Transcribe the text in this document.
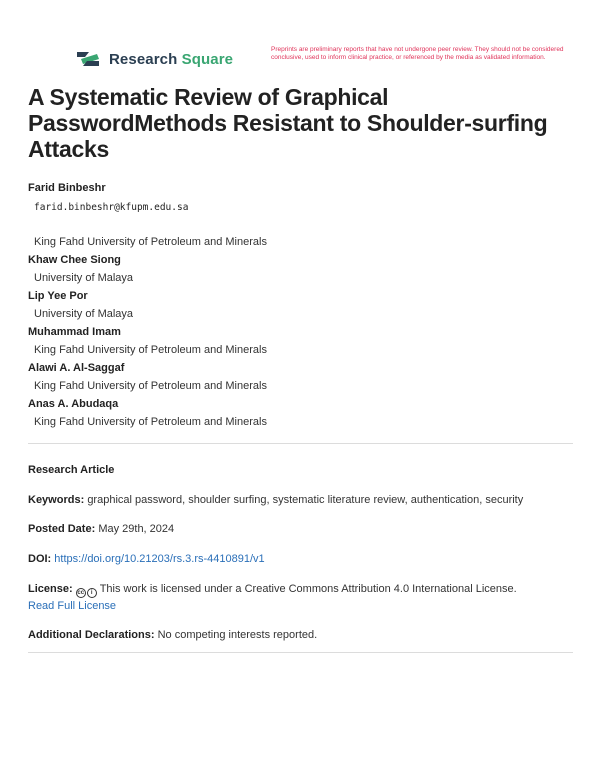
Research Square
Preprints are preliminary reports that have not undergone peer review. They should not be considered conclusive, used to inform clinical practice, or referenced by the media as validated information.
A Systematic Review of Graphical PasswordMethods Resistant to Shoulder-surfing Attacks
Farid Binbeshr
farid.binbeshr@kfupm.edu.sa
King Fahd University of Petroleum and Minerals
Khaw Chee Siong
University of Malaya
Lip Yee Por
University of Malaya
Muhammad Imam
King Fahd University of Petroleum and Minerals
Alawi A. Al-Saggaf
King Fahd University of Petroleum and Minerals
Anas A. Abudaqa
King Fahd University of Petroleum and Minerals
Research Article
Keywords: graphical password, shoulder surfing, systematic literature review, authentication, security
Posted Date: May 29th, 2024
DOI: https://doi.org/10.21203/rs.3.rs-4410891/v1
License: cc	i This work is licensed under a Creative Commons Attribution 4.0 International License.
Read Full License
Additional Declarations: No competing interests reported.
